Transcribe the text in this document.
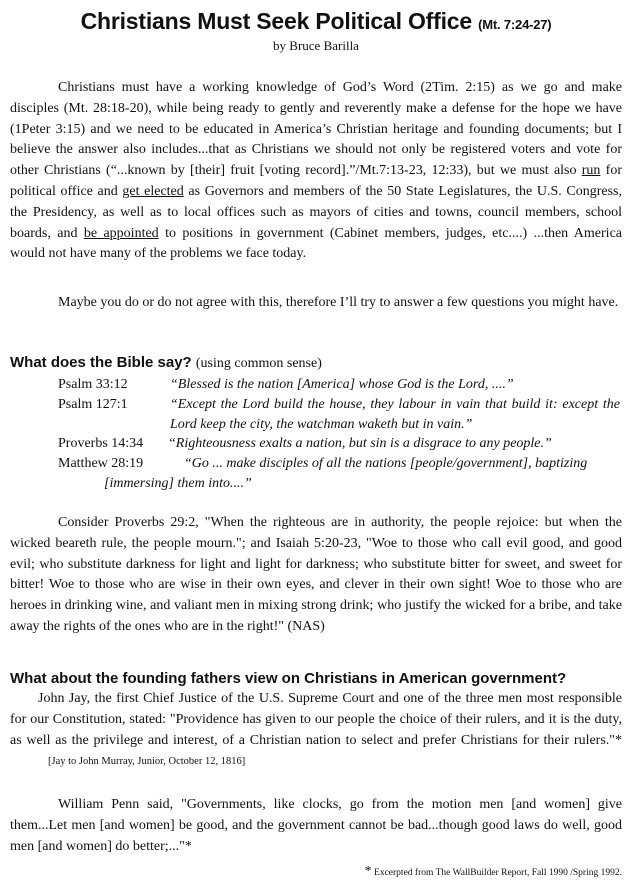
Christians Must Seek Political Office (Mt. 7:24-27)
by Bruce Barilla

Christians must have a working knowledge of God’s Word (2Tim. 2:15) as we go and make disciples (Mt. 28:18-20), while being ready to gently and reverently make a defense for the hope we have (1Peter 3:15) and we need to be educated in America’s Christian heritage and founding documents; but I believe the answer also includes...that as Christians we should not only be registered voters and vote for other Christians (“...known by [their] fruit [voting record].”/Mt.7:13-23, 12:33), but we must also run for political office and get elected as Governors and members of the 50 State Legislatures, the U.S. Congress, the Presidency, as well as to local offices such as mayors of cities and towns, council members, school boards, and be appointed to positions in government (Cabinet members, judges, etc....) ...then America would not have many of the problems we face today.

Maybe you do or do not agree with this, therefore I’ll try to answer a few questions you might have.

What does the Bible say? (using common sense)
Psalm 33:12	“Blessed is the nation [America] whose God is the Lord, ....”
Psalm 127:1	“Except the Lord build the house, they labour in vain that build it: except the Lord keep the city, the watchman waketh but in vain.”
Proverbs 14:34 “Righteousness exalts a nation, but sin is a disgrace to any people.”
Matthew 28:19	“Go ... make disciples of all the nations [people/government], baptizing [immersing] them into....”

Consider Proverbs 29:2, "When the righteous are in authority, the people rejoice: but when the wicked beareth rule, the people mourn."; and Isaiah 5:20-23, "Woe to those who call evil good, and good evil; who substitute darkness for light and light for darkness; who substitute bitter for sweet, and sweet for bitter! Woe to those who are wise in their own eyes, and clever in their own sight! Woe to those who are heroes in drinking wine, and valiant men in mixing strong drink; who justify the wicked for a bribe, and take away the rights of the ones who are in the right!" (NAS)

What about the founding fathers view on Christians in American government?

John Jay, the first Chief Justice of the U.S. Supreme Court and one of the three men most responsible for our Constitution, stated: "Providence has given to our people the choice of their rulers, and it is the duty, as well as the privilege and interest, of a Christian nation to select and prefer Christians for their rulers."*[Jay to John Murray, Junior, October 12, 1816]

William Penn said, "Governments, like clocks, go from the motion men [and women] give them...Let men [and women] be good, and the government cannot be bad...though good laws do well, good men [and women] do better;..."*

* Excerpted from The WallBuilder Report, Fall 1990 /Spring 1992.
